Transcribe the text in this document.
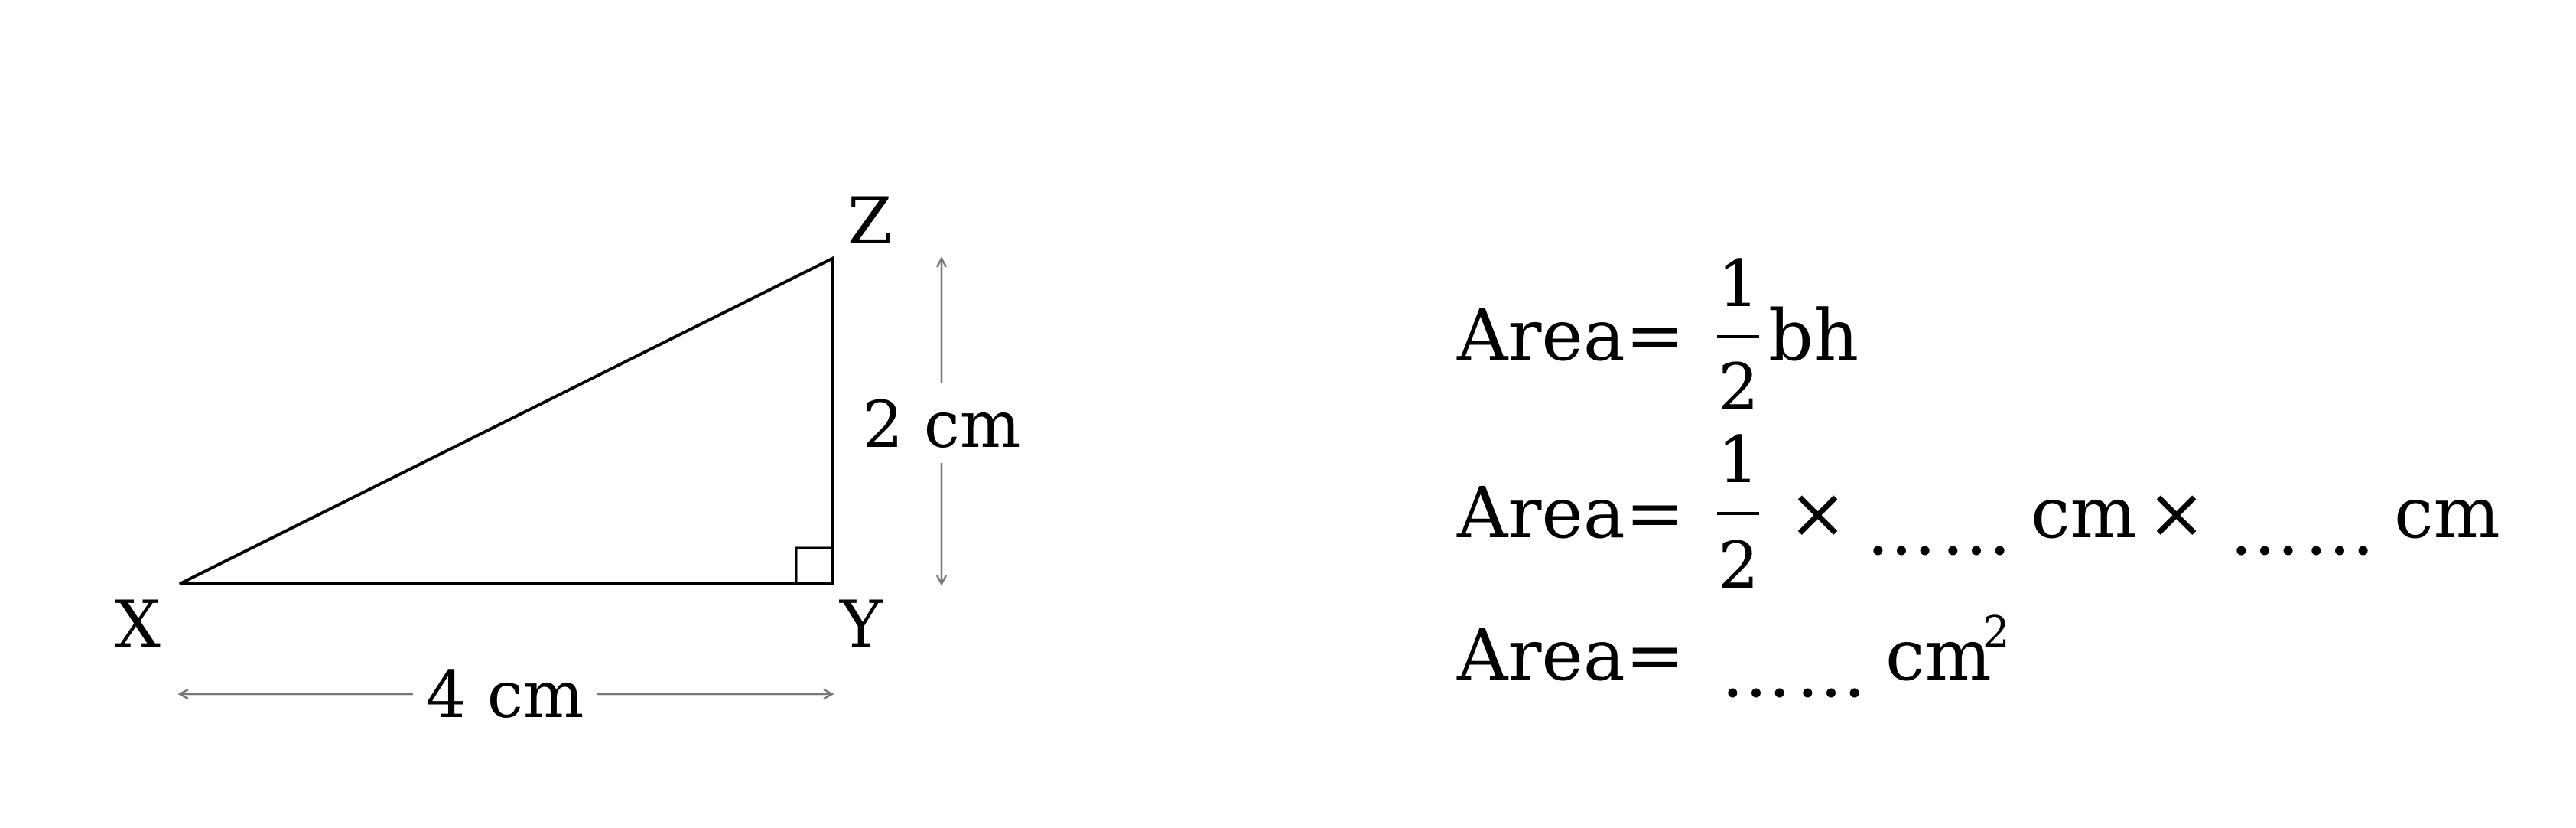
X	Y
Z
4 cm
2 cm
Area =
1
2
bh
Area =
1
2
× …… cm × …… cm
Area = …… cm
2
